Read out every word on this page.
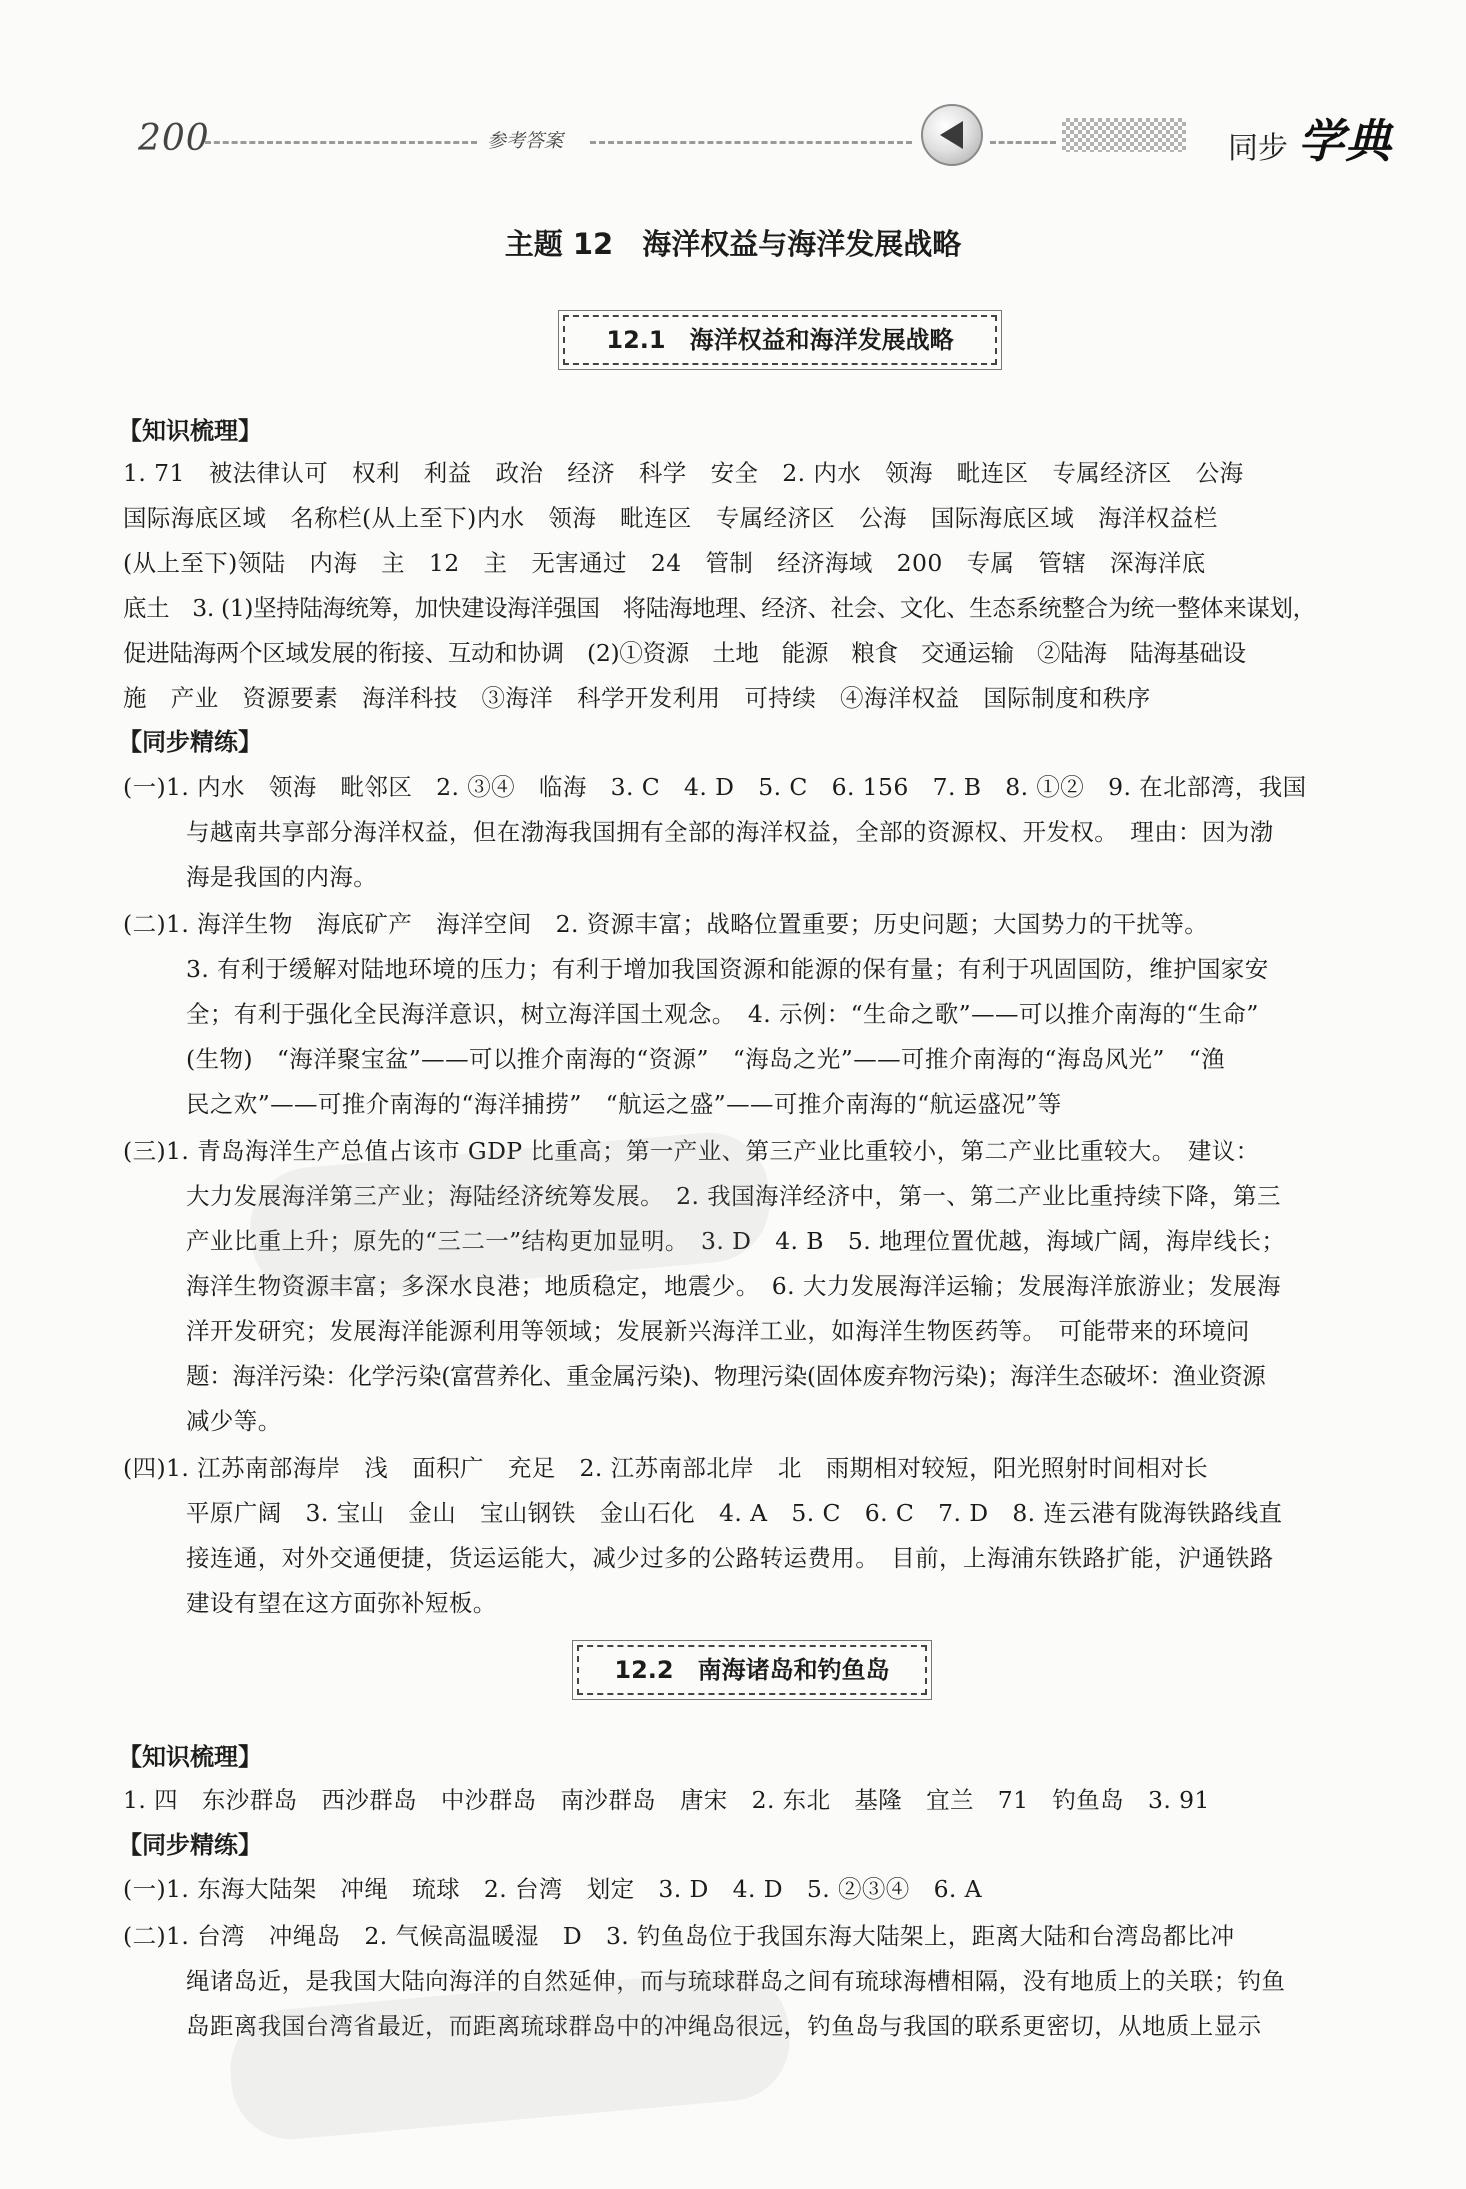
200	参考答案	同步 学典
主题 12　海洋权益与海洋发展战略
12.1　海洋权益和海洋发展战略
【知识梳理】
1. 71　被法律认可　权利　利益　政治　经济　科学　安全　2. 内水　领海　毗连区　专属经济区　公海
国际海底区域　名称栏(从上至下)内水　领海　毗连区　专属经济区　公海　国际海底区域　海洋权益栏
(从上至下)领陆　内海　主　12　主　无害通过　24　管制　经济海域　200　专属　管辖　深海洋底
底土　3. (1)坚持陆海统筹，加快建设海洋强国　将陆海地理、经济、社会、文化、生态系统整合为统一整体来谋划，
促进陆海两个区域发展的衔接、互动和协调　(2)①资源　土地　能源　粮食　交通运输　②陆海　陆海基础设
施　产业　资源要素　海洋科技　③海洋　科学开发利用　可持续　④海洋权益　国际制度和秩序
【同步精练】
(一)1. 内水　领海　毗邻区　2. ③④　临海　3. C　4. D　5. C　6. 156　7. B　8. ①②　9. 在北部湾，我国
与越南共享部分海洋权益，但在渤海我国拥有全部的海洋权益，全部的资源权、开发权。　理由：因为渤
海是我国的内海。
(二)1. 海洋生物　海底矿产　海洋空间　2. 资源丰富；战略位置重要；历史问题；大国势力的干扰等。
3. 有利于缓解对陆地环境的压力；有利于增加我国资源和能源的保有量；有利于巩固国防，维护国家安
全；有利于强化全民海洋意识，树立海洋国土观念。　4. 示例：“生命之歌”——可以推介南海的“生命”
(生物)　“海洋聚宝盆”——可以推介南海的“资源”　“海岛之光”——可推介南海的“海岛风光”　“渔
民之欢”——可推介南海的“海洋捕捞”　“航运之盛”——可推介南海的“航运盛况”等
(三)1. 青岛海洋生产总值占该市 GDP 比重高；第一产业、第三产业比重较小，第二产业比重较大。　建议：
大力发展海洋第三产业；海陆经济统筹发展。　2. 我国海洋经济中，第一、第二产业比重持续下降，第三
产业比重上升；原先的“三二一”结构更加显明。　3. D　4. B　5. 地理位置优越，海域广阔，海岸线长；
海洋生物资源丰富；多深水良港；地质稳定，地震少。　6. 大力发展海洋运输；发展海洋旅游业；发展海
洋开发研究；发展海洋能源利用等领域；发展新兴海洋工业，如海洋生物医药等。　可能带来的环境问
题：海洋污染：化学污染(富营养化、重金属污染)、物理污染(固体废弃物污染)；海洋生态破坏：渔业资源
减少等。
(四)1. 江苏南部海岸　浅　面积广　充足　2. 江苏南部北岸　北　雨期相对较短，阳光照射时间相对长
平原广阔　3. 宝山　金山　宝山钢铁　金山石化　4. A　5. C　6. C　7. D　8. 连云港有陇海铁路线直
接连通，对外交通便捷，货运运能大，减少过多的公路转运费用。　目前，上海浦东铁路扩能，沪通铁路
建设有望在这方面弥补短板。
12.2　南海诸岛和钓鱼岛
【知识梳理】
1. 四　东沙群岛　西沙群岛　中沙群岛　南沙群岛　唐宋　2. 东北　基隆　宜兰　71　钓鱼岛　3. 91
【同步精练】
(一)1. 东海大陆架　冲绳　琉球　2. 台湾　划定　3. D　4. D　5. ②③④　6. A
(二)1. 台湾　冲绳岛　2. 气候高温暖湿　D　3. 钓鱼岛位于我国东海大陆架上，距离大陆和台湾岛都比冲
绳诸岛近，是我国大陆向海洋的自然延伸，而与琉球群岛之间有琉球海槽相隔，没有地质上的关联；钓鱼
岛距离我国台湾省最近，而距离琉球群岛中的冲绳岛很远，钓鱼岛与我国的联系更密切，从地质上显示
